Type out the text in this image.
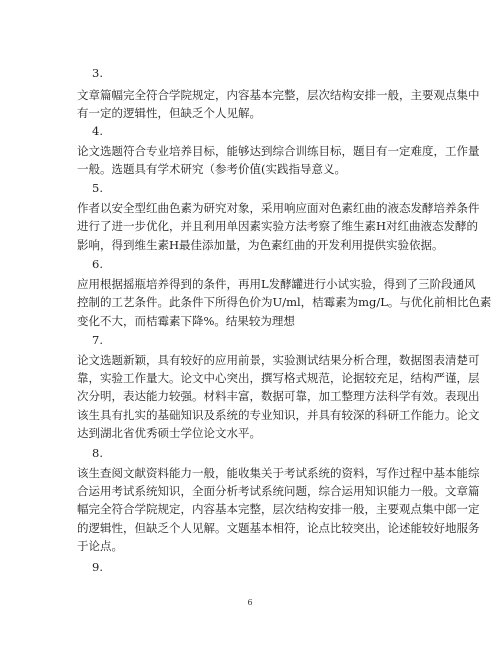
3.
文章篇幅完全符合学院规定，内容基本完整，层次结构安排一般，主要观点集中
有一定的逻辑性，但缺乏个人见解。
4.
论文选题符合专业培养目标，能够达到综合训练目标，题目有一定难度，工作量
一般。选题具有学术研究（参考价值(实践指导意义。
5.
作者以安全型红曲色素为研究对象，采用响应面对色素红曲的液态发酵培养条件
进行了进一步优化，并且利用单因素实验方法考察了维生素H对红曲液态发酵的
影响，得到维生素H最佳添加量，为色素红曲的开发利用提供实验依据。
6.
应用根据摇瓶培养得到的条件，再用L发酵罐进行小试实验，得到了三阶段通风
控制的工艺条件。此条件下所得色价为U/ml，桔霉素为mg/L。与优化前相比色素
变化不大，而桔霉素下降%。结果较为理想
7.
论文选题新颖，具有较好的应用前景，实验测试结果分析合理，数据图表清楚可
靠，实验工作量大。论文中心突出，撰写格式规范，论据较充足，结构严谨，层
次分明，表达能力较强。材料丰富，数据可靠，加工整理方法科学有效。表现出
该生具有扎实的基础知识及系统的专业知识，并具有较深的科研工作能力。论文
达到湖北省优秀硕士学位论文水平。
8.
该生查阅文献资料能力一般，能收集关于考试系统的资料，写作过程中基本能综
合运用考试系统知识，全面分析考试系统问题，综合运用知识能力一般。文章篇
幅完全符合学院规定，内容基本完整，层次结构安排一般，主要观点集中郎一定
的逻辑性，但缺乏个人见解。文题基本相符，论点比较突出，论述能较好地服务
于论点。
9.
6
